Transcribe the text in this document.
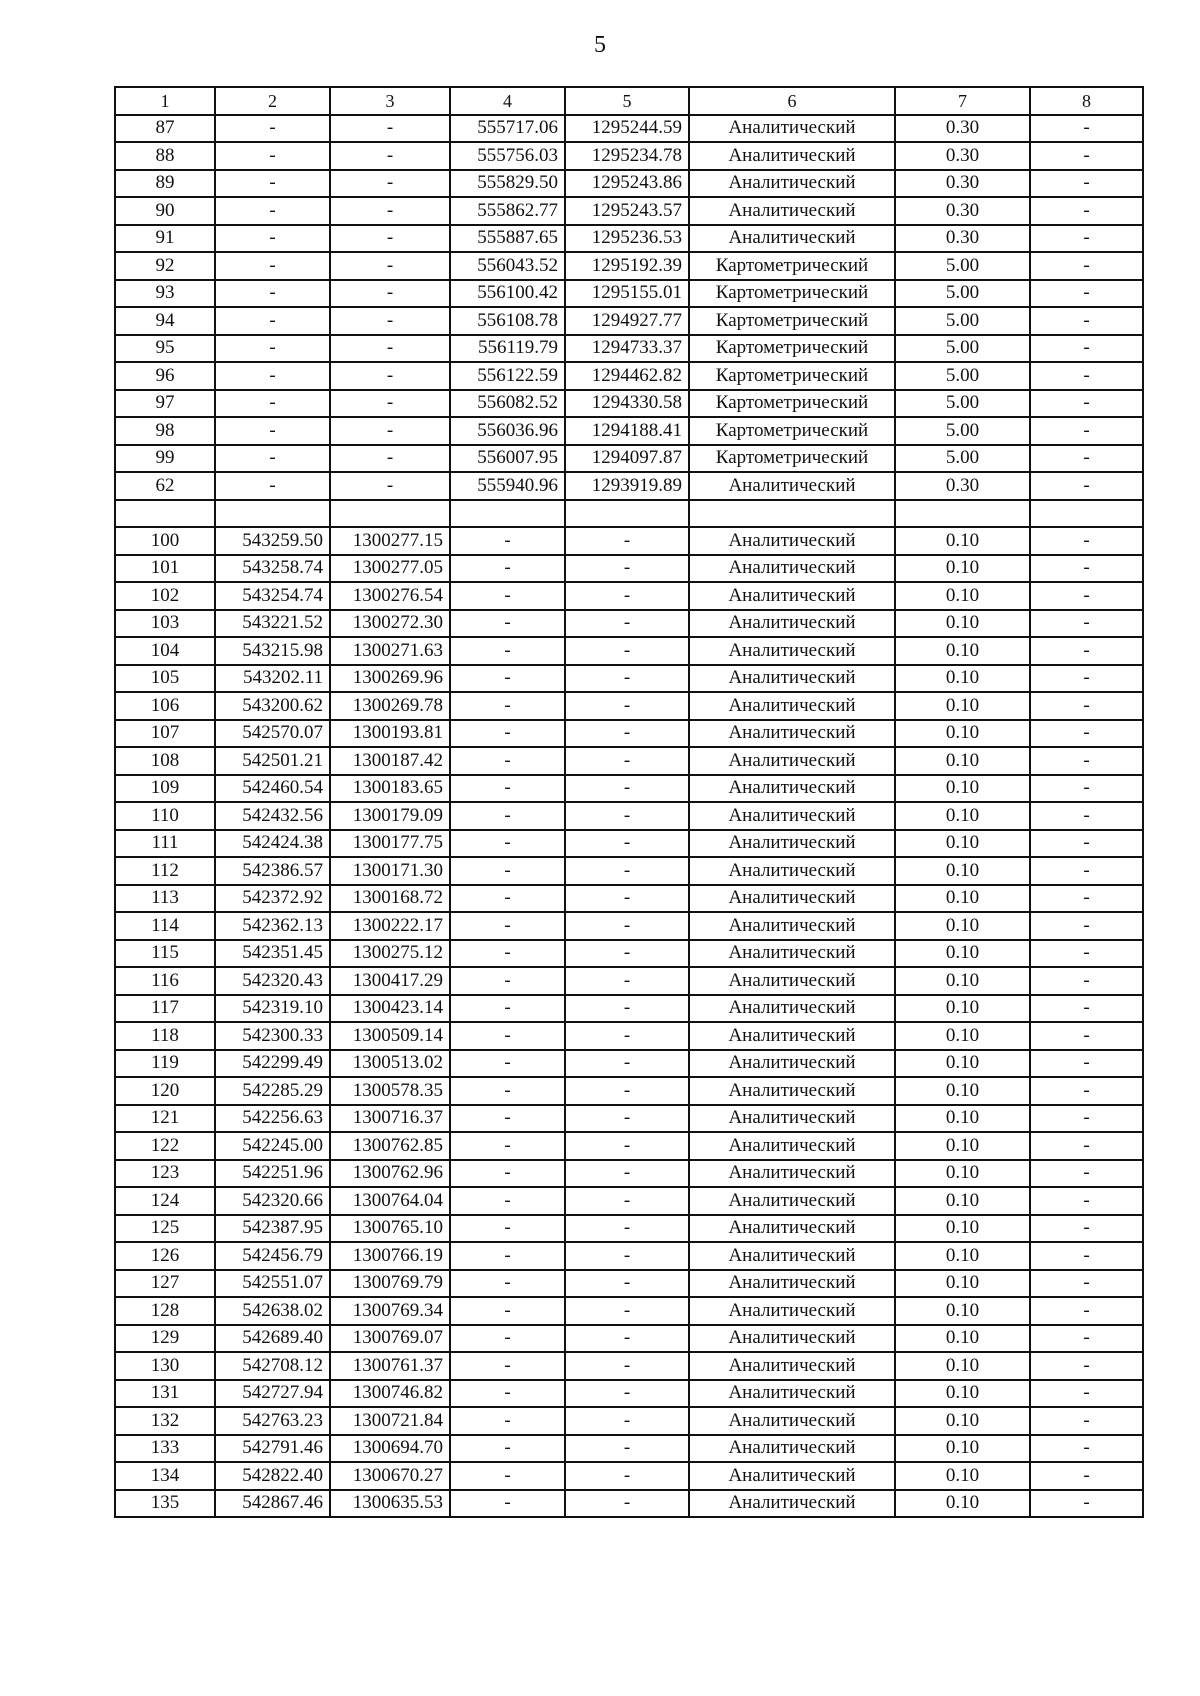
5
1	2	3	4	5	6	7	8
87	-	-	555717.06	1295244.59	Аналитический	0.30	-
88	-	-	555756.03	1295234.78	Аналитический	0.30	-
89	-	-	555829.50	1295243.86	Аналитический	0.30	-
90	-	-	555862.77	1295243.57	Аналитический	0.30	-
91	-	-	555887.65	1295236.53	Аналитический	0.30	-
92	-	-	556043.52	1295192.39	Картометрический	5.00	-
93	-	-	556100.42	1295155.01	Картометрический	5.00	-
94	-	-	556108.78	1294927.77	Картометрический	5.00	-
95	-	-	556119.79	1294733.37	Картометрический	5.00	-
96	-	-	556122.59	1294462.82	Картометрический	5.00	-
97	-	-	556082.52	1294330.58	Картометрический	5.00	-
98	-	-	556036.96	1294188.41	Картометрический	5.00	-
99	-	-	556007.95	1294097.87	Картометрический	5.00	-
62	-	-	555940.96	1293919.89	Аналитический	0.30	-

100	543259.50	1300277.15	-	-	Аналитический	0.10	-
101	543258.74	1300277.05	-	-	Аналитический	0.10	-
102	543254.74	1300276.54	-	-	Аналитический	0.10	-
103	543221.52	1300272.30	-	-	Аналитический	0.10	-
104	543215.98	1300271.63	-	-	Аналитический	0.10	-
105	543202.11	1300269.96	-	-	Аналитический	0.10	-
106	543200.62	1300269.78	-	-	Аналитический	0.10	-
107	542570.07	1300193.81	-	-	Аналитический	0.10	-
108	542501.21	1300187.42	-	-	Аналитический	0.10	-
109	542460.54	1300183.65	-	-	Аналитический	0.10	-
110	542432.56	1300179.09	-	-	Аналитический	0.10	-
111	542424.38	1300177.75	-	-	Аналитический	0.10	-
112	542386.57	1300171.30	-	-	Аналитический	0.10	-
113	542372.92	1300168.72	-	-	Аналитический	0.10	-
114	542362.13	1300222.17	-	-	Аналитический	0.10	-
115	542351.45	1300275.12	-	-	Аналитический	0.10	-
116	542320.43	1300417.29	-	-	Аналитический	0.10	-
117	542319.10	1300423.14	-	-	Аналитический	0.10	-
118	542300.33	1300509.14	-	-	Аналитический	0.10	-
119	542299.49	1300513.02	-	-	Аналитический	0.10	-
120	542285.29	1300578.35	-	-	Аналитический	0.10	-
121	542256.63	1300716.37	-	-	Аналитический	0.10	-
122	542245.00	1300762.85	-	-	Аналитический	0.10	-
123	542251.96	1300762.96	-	-	Аналитический	0.10	-
124	542320.66	1300764.04	-	-	Аналитический	0.10	-
125	542387.95	1300765.10	-	-	Аналитический	0.10	-
126	542456.79	1300766.19	-	-	Аналитический	0.10	-
127	542551.07	1300769.79	-	-	Аналитический	0.10	-
128	542638.02	1300769.34	-	-	Аналитический	0.10	-
129	542689.40	1300769.07	-	-	Аналитический	0.10	-
130	542708.12	1300761.37	-	-	Аналитический	0.10	-
131	542727.94	1300746.82	-	-	Аналитический	0.10	-
132	542763.23	1300721.84	-	-	Аналитический	0.10	-
133	542791.46	1300694.70	-	-	Аналитический	0.10	-
134	542822.40	1300670.27	-	-	Аналитический	0.10	-
135	542867.46	1300635.53	-	-	Аналитический	0.10	-
